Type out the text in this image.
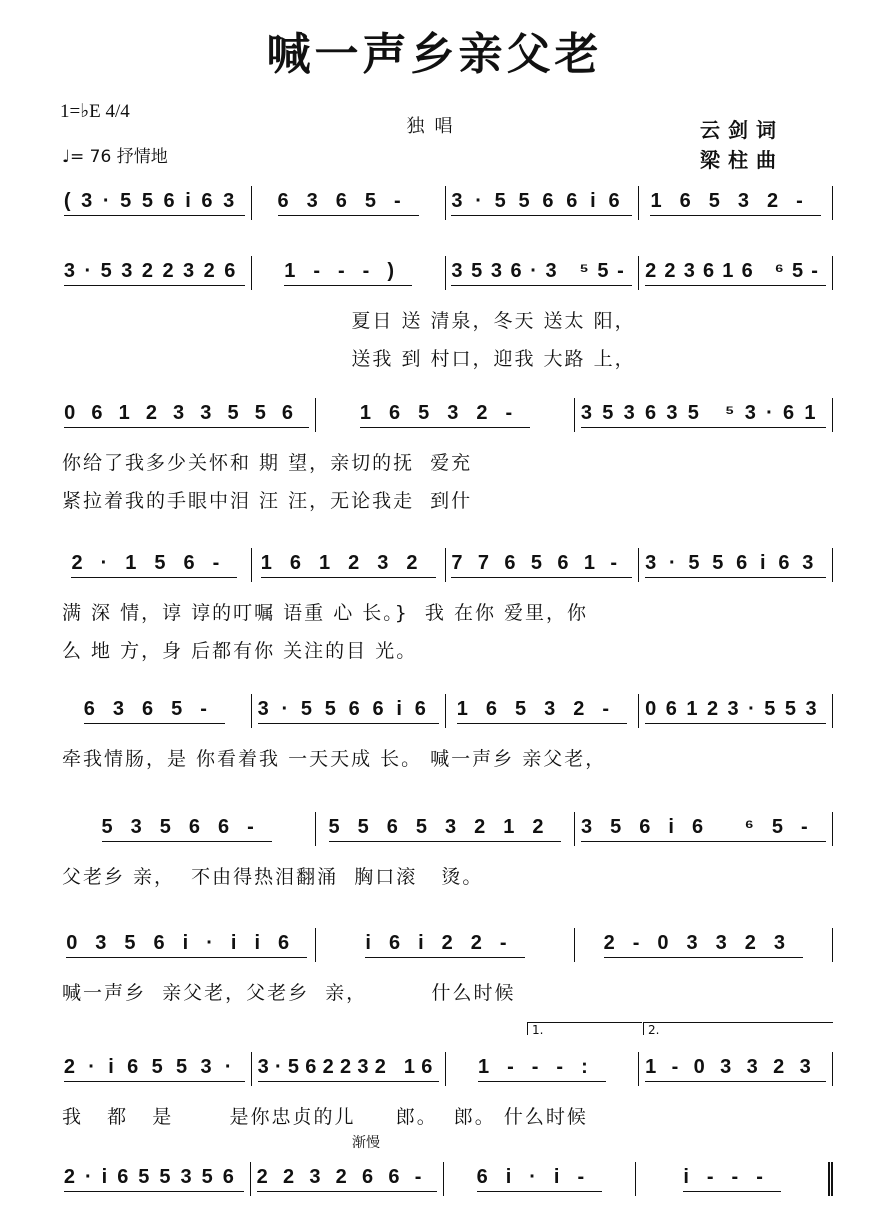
喊一声乡亲父老
1=♭E 4/4
♩= 76 抒情地
独唱	云剑词
梁柱曲
(3·556i63 6365- 3·5566i6 16532-
3·5322326 1---) 3536·3 ⁵5- 223616 ⁶5-
夏日 送 清泉，冬天 送太 阳，
送我 到 村口，迎我 大路 上，
061233556	16532-	353635 ⁵3·61
你给了我多少关怀和 期 望，亲切的抚  爱充
紧拉着我的手眼中泪 汪 汪，无论我走  到什
2·156- 161232 776561- 3·556i63
满 深 情，谆 谆的叮嘱 语重 心 长。}  我 在你 爱里，你
么 地 方，身 后都有你 关注的目 光。
6365- 3·5566i6 16532- 06123·553
牵我情肠，是 你看着我 一天天成 长。 喊一声乡 亲父老，
53566-	55653212 356i6 ⁶5-
父老乡 亲，  不由得热泪翻涌  胸口滚   烫。
0356i·ii6	i6i22-	2-03323
喊一声乡  亲父老，父老乡  亲，        什么时候
2·i6553· 3·562232 16 1---: 1-03323
我   都   是       是你忠贞的儿     郎。  郎。 什么时候
2·i655356 223266- 6i·i-	i---
1.	2.
渐慢
